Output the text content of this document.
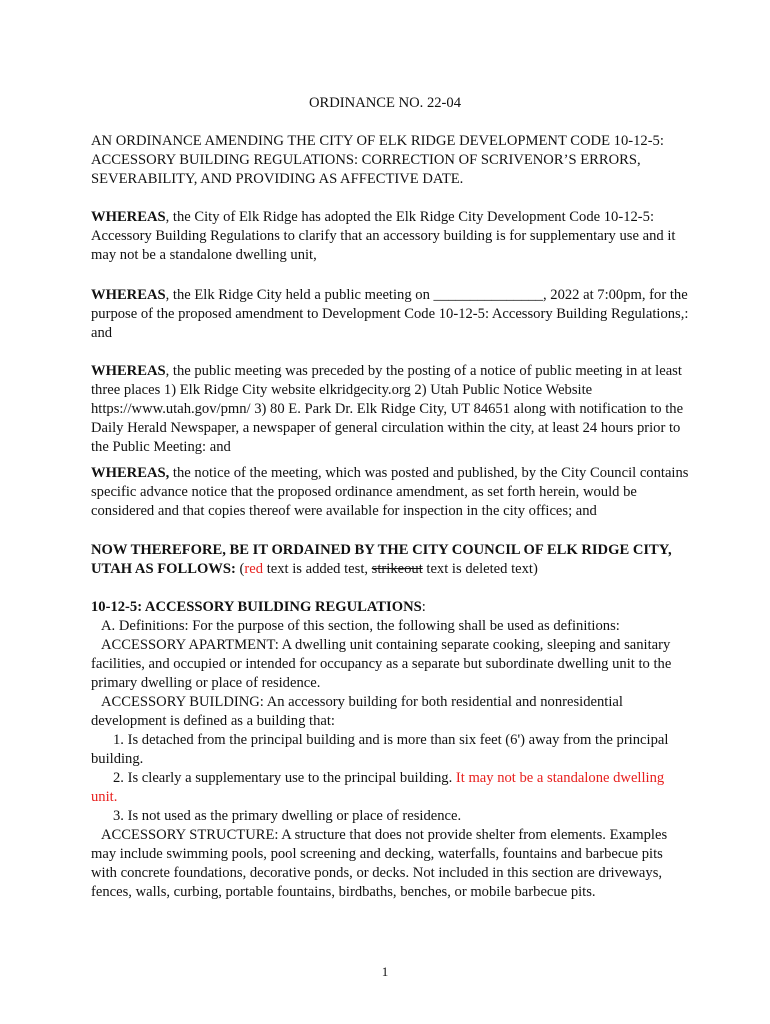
ORDINANCE NO. 22-04

AN ORDINANCE AMENDING THE CITY OF ELK RIDGE DEVELOPMENT CODE 10-12-5: ACCESSORY BUILDING REGULATIONS: CORRECTION OF SCRIVENOR’S ERRORS, SEVERABILITY, AND PROVIDING AS AFFECTIVE DATE.

WHEREAS, the City of Elk Ridge has adopted the Elk Ridge City Development Code 10-12-5: Accessory Building Regulations to clarify that an accessory building is for supplementary use and it may not be a standalone dwelling unit,

WHEREAS, the Elk Ridge City held a public meeting on _______________, 2022 at 7:00pm, for the purpose of the proposed amendment to Development Code 10-12-5: Accessory Building Regulations,: and

WHEREAS, the public meeting was preceded by the posting of a notice of public meeting in at least three places 1) Elk Ridge City website elkridgecity.org 2) Utah Public Notice Website https://www.utah.gov/pmn/ 3) 80 E. Park Dr. Elk Ridge City, UT 84651 along with notification to the Daily Herald Newspaper, a newspaper of general circulation within the city, at least 24 hours prior to the Public Meeting: and

WHEREAS, the notice of the meeting, which was posted and published, by the City Council contains specific advance notice that the proposed ordinance amendment, as set forth herein, would be considered and that copies thereof were available for inspection in the city offices; and

NOW THEREFORE, BE IT ORDAINED BY THE CITY COUNCIL OF ELK RIDGE CITY, UTAH AS FOLLOWS: (red text is added test, strikeout text is deleted text)

10-12-5: ACCESSORY BUILDING REGULATIONS:
A. Definitions: For the purpose of this section, the following shall be used as definitions:
ACCESSORY APARTMENT: A dwelling unit containing separate cooking, sleeping and sanitary facilities, and occupied or intended for occupancy as a separate but subordinate dwelling unit to the primary dwelling or place of residence.
ACCESSORY BUILDING: An accessory building for both residential and nonresidential development is defined as a building that:
1. Is detached from the principal building and is more than six feet (6') away from the principal building.
2. Is clearly a supplementary use to the principal building. It may not be a standalone dwelling unit.
3. Is not used as the primary dwelling or place of residence.
ACCESSORY STRUCTURE: A structure that does not provide shelter from elements. Examples may include swimming pools, pool screening and decking, waterfalls, fountains and barbecue pits with concrete foundations, decorative ponds, or decks. Not included in this section are driveways, fences, walls, curbing, portable fountains, birdbaths, benches, or mobile barbecue pits.
1
